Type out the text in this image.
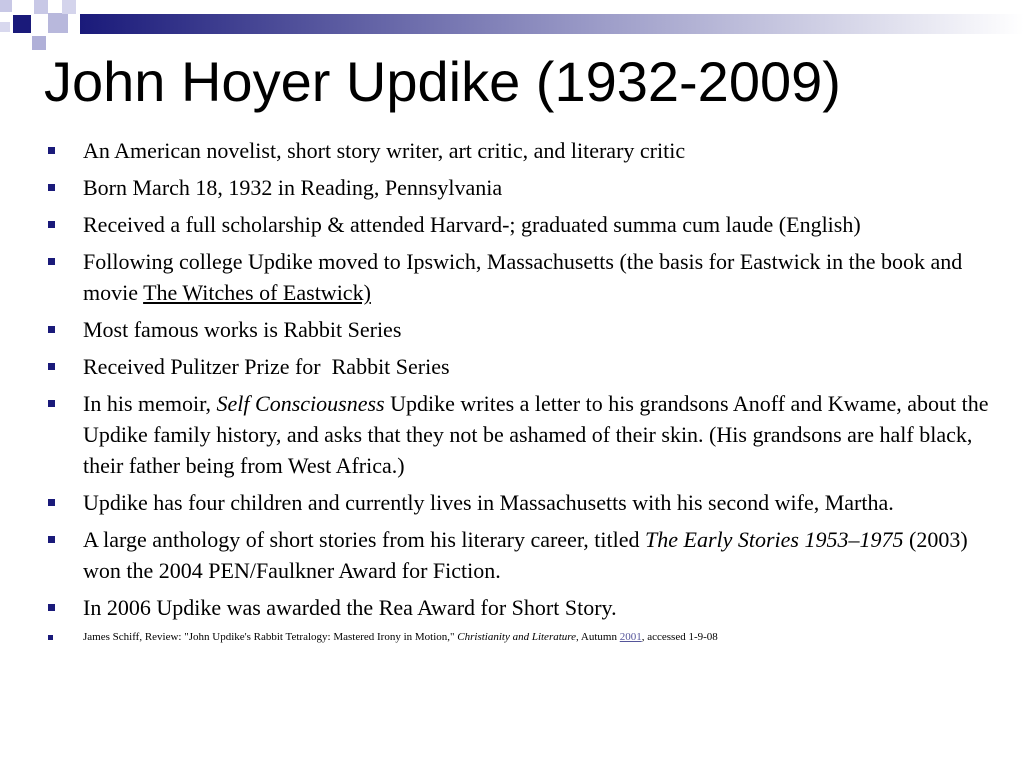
John Hoyer Updike (1932-2009)
An American novelist, short story writer, art critic, and literary critic
Born March 18, 1932 in Reading, Pennsylvania
Received a full scholarship & attended Harvard-; graduated summa cum laude (English)
Following college Updike moved to Ipswich, Massachusetts (the basis for Eastwick in the book and movie The Witches of Eastwick)
Most famous works is Rabbit Series
Received Pulitzer Prize for  Rabbit Series
In his memoir, Self Consciousness Updike writes a letter to his grandsons Anoff and Kwame, about the Updike family history, and asks that they not be ashamed of their skin. (His grandsons are half black, their father being from West Africa.)
Updike has four children and currently lives in Massachusetts with his second wife, Martha.
A large anthology of short stories from his literary career, titled The Early Stories 1953–1975 (2003) won the 2004 PEN/Faulkner Award for Fiction.
In 2006 Updike was awarded the Rea Award for Short Story.
James Schiff, Review: "John Updike's Rabbit Tetralogy: Mastered Irony in Motion," Christianity and Literature, Autumn 2001, accessed 1-9-08
